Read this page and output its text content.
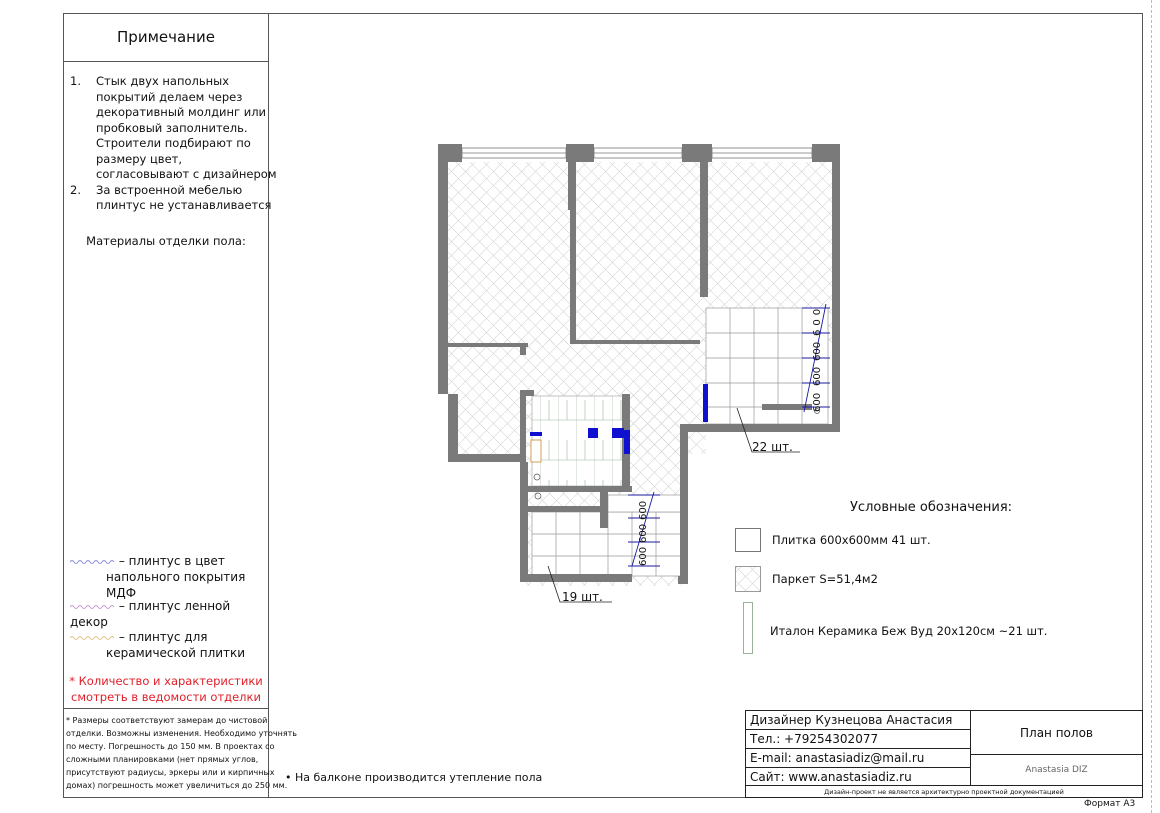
Примечание
1. Стык двух напольных
покрытий делаем через
декоративный молдинг или
пробковый заполнитель.
Строители подбирают по
размеру цвет,
согласовывают с дизайнером
2. За встроенной мебелью
плинтус не устанавливается
Материалы отделки пола:
– плинтус в цвет
напольного покрытия МДФ
– плинтус ленной декор
– плинтус для
керамической плитки
* Количество и характеристики
смотреть в ведомости отделки
* Размеры соответствуют замерам до чистовой
отделки. Возможны изменения. Необходимо уточнять
по месту. Погрешность до 150 мм. В проектах со
сложными планировками (нет прямых углов,
присутствуют радиусы, эркеры или и кирпичных
домах) погрешность может увеличиться до 250 мм.
600
600
600
600
600
600
600
22 шт.
19 шт.
Условные обозначения:
Плитка 600х600мм 41 шт.
Паркет S=51,4м2
Италон Керамика Беж Вуд 20х120см ~21 шт.
• На балконе производится утепление пола
Дизайнер Кузнецова Анастасия
Тел.: +79254302077
E-mail: anastasiadiz@mail.ru
Сайт: www.anastasiadiz.ru
План полов
Anastasia DIZ
Дизайн-проект не является архитектурно проектной документацией
Формат А3
